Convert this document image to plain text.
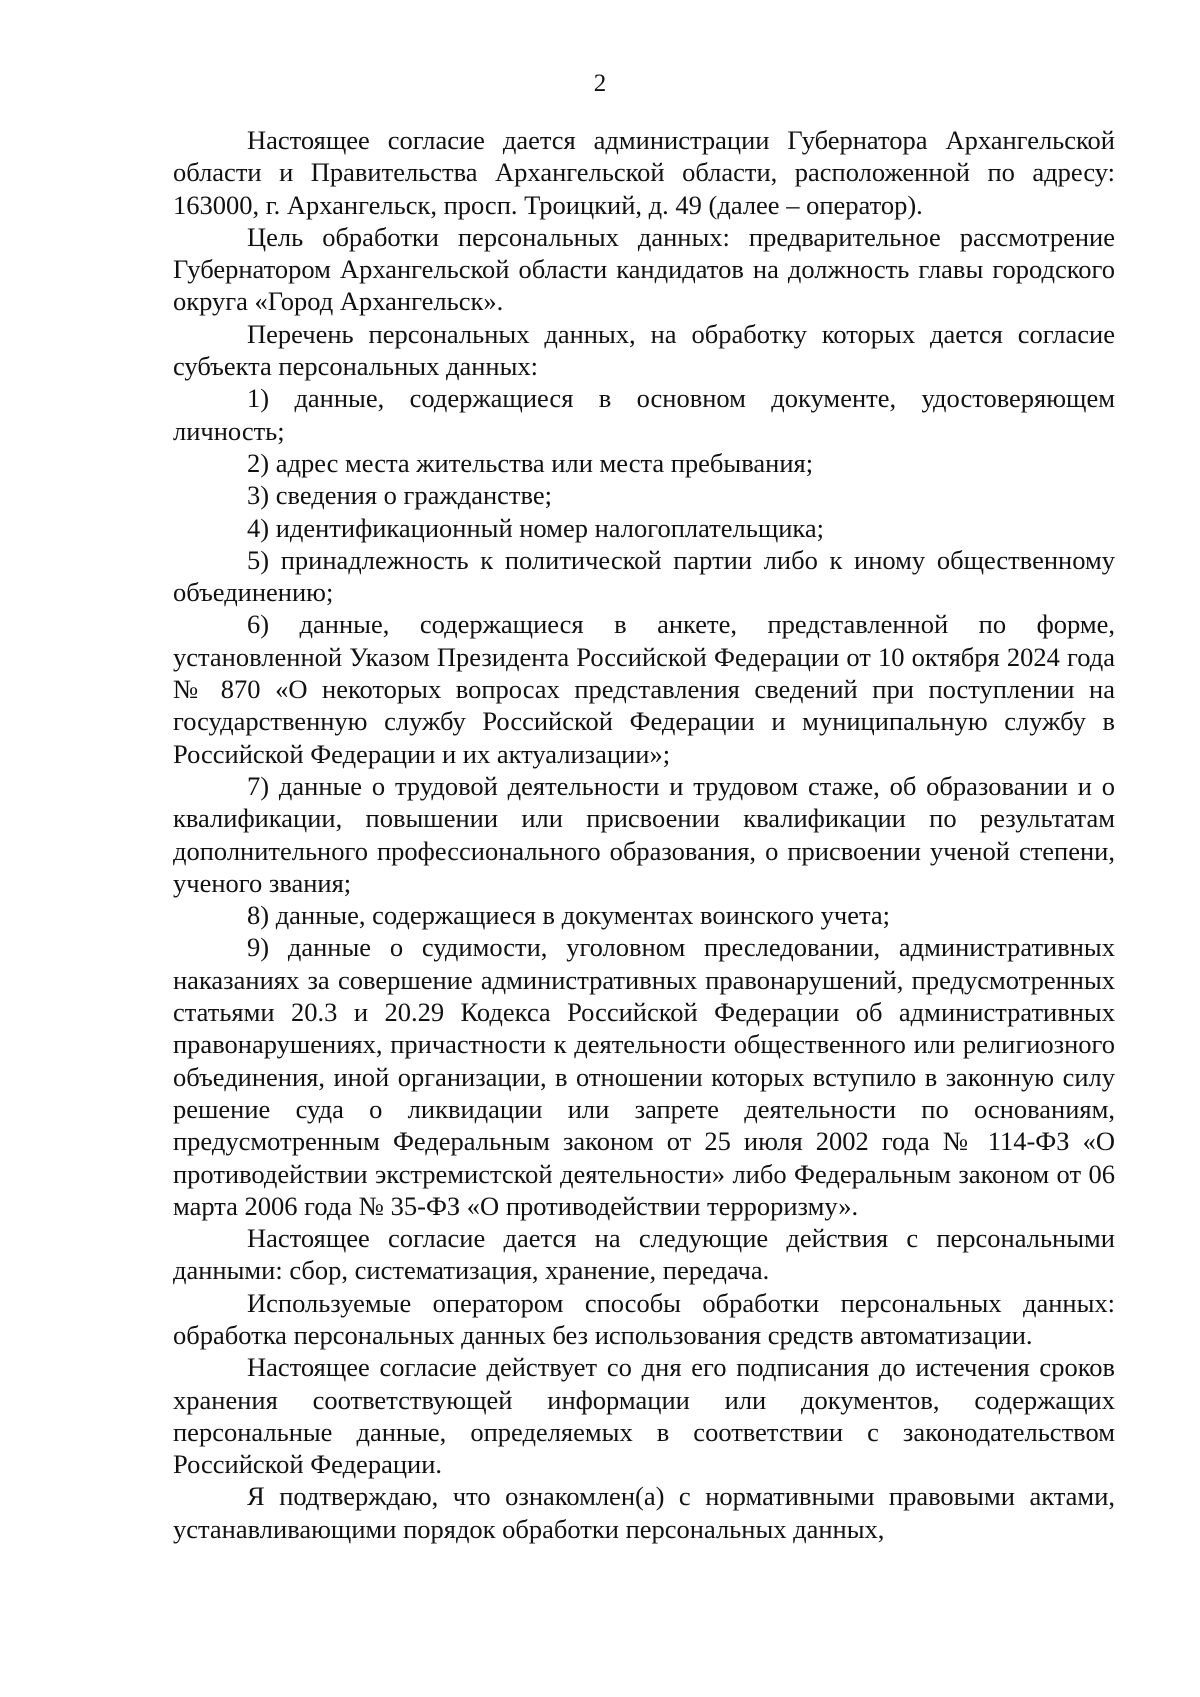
2

Настоящее согласие дается администрации Губернатора Архангельской области и Правительства Архангельской области, расположенной по адресу: 163000, г. Архангельск, просп. Троицкий, д. 49 (далее – оператор).

Цель обработки персональных данных: предварительное рассмотрение Губернатором Архангельской области кандидатов на должность главы городского округа «Город Архангельск».

Перечень персональных данных, на обработку которых дается согласие субъекта персональных данных:

1) данные, содержащиеся в основном документе, удостоверяющем личность;

2) адрес места жительства или места пребывания;

3) сведения о гражданстве;

4) идентификационный номер налогоплательщика;

5) принадлежность к политической партии либо к иному общественному объединению;

6) данные, содержащиеся в анкете, представленной по форме, установленной Указом Президента Российской Федерации от 10 октября 2024 года № 870 «О некоторых вопросах представления сведений при поступлении на государственную службу Российской Федерации и муниципальную службу в Российской Федерации и их актуализации»;

7) данные о трудовой деятельности и трудовом стаже, об образовании и о квалификации, повышении или присвоении квалификации по результатам дополнительного профессионального образования, о присвоении ученой степени, ученого звания;

8) данные, содержащиеся в документах воинского учета;

9) данные о судимости, уголовном преследовании, административных наказаниях за совершение административных правонарушений, предусмотренных статьями 20.3 и 20.29 Кодекса Российской Федерации об административных правонарушениях, причастности к деятельности общественного или религиозного объединения, иной организации, в отношении которых вступило в законную силу решение суда о ликвидации или запрете деятельности по основаниям, предусмотренным Федеральным законом от 25 июля 2002 года № 114-ФЗ «О противодействии экстремистской деятельности» либо Федеральным законом от 06 марта 2006 года № 35-ФЗ «О противодействии терроризму».

Настоящее согласие дается на следующие действия с персональными данными: сбор, систематизация, хранение, передача.

Используемые оператором способы обработки персональных данных: обработка персональных данных без использования средств автоматизации.

Настоящее согласие действует со дня его подписания до истечения сроков хранения соответствующей информации или документов, содержащих персональные данные, определяемых в соответствии с законодательством Российской Федерации.

Я подтверждаю, что ознакомлен(а) с нормативными правовыми актами, устанавливающими порядок обработки персональных данных,
